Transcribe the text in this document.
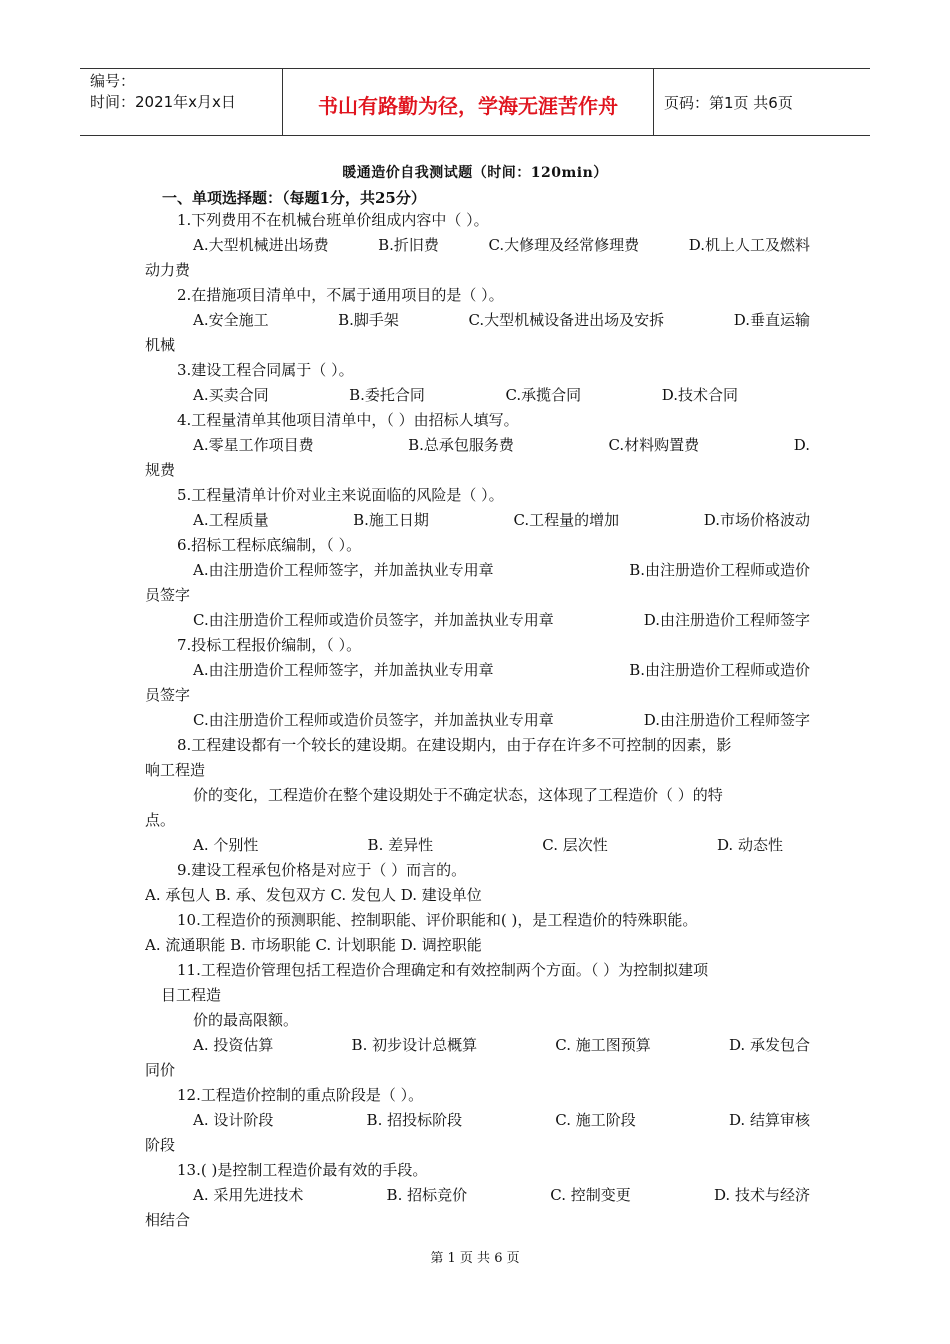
编号：
时间：2021年x月x日	书山有路勤为径，学海无涯苦作舟	页码：第1页 共6页
暖通造价自我测试题（时间：120min）
一、单项选择题：（每题1分，共25分）
1.下列费用不在机械台班单价组成内容中（ ）。
A.大型机械进出场费	B.折旧费	C.大修理及经常修理费	D.机上人工及燃料
动力费
2.在措施项目清单中，不属于通用项目的是（ ）。
A.安全施工	B.脚手架	C.大型机械设备进出场及安拆	D.垂直运输
机械
3.建设工程合同属于（ ）。
A.买卖合同	B.委托合同	C.承揽合同	D.技术合同
4.工程量清单其他项目清单中，（ ）由招标人填写。
A.零星工作项目费	B.总承包服务费	C.材料购置费	D.
规费
5.工程量清单计价对业主来说面临的风险是（ ）。
A.工程质量	B.施工日期	C.工程量的增加	D.市场价格波动
6.招标工程标底编制，（ ）。
A.由注册造价工程师签字，并加盖执业专用章	B.由注册造价工程师或造价
员签字
C.由注册造价工程师或造价员签字，并加盖执业专用章	D.由注册造价工程师签字
7.投标工程报价编制，（ ）。
A.由注册造价工程师签字，并加盖执业专用章	B.由注册造价工程师或造价
员签字
C.由注册造价工程师或造价员签字，并加盖执业专用章	D.由注册造价工程师签字
8.工程建设都有一个较长的建设期。在建设期内，由于存在许多不可控制的因素，影
响工程造
价的变化，工程造价在整个建设期处于不确定状态，这体现了工程造价（ ）的特
点。
A. 个别性	B. 差异性	C. 层次性	D. 动态性
9.建设工程承包价格是对应于（ ）而言的。
A. 承包人 B. 承、发包双方 C. 发包人 D. 建设单位
10.工程造价的预测职能、控制职能、评价职能和( )，是工程造价的特殊职能。
A. 流通职能 B. 市场职能 C. 计划职能 D. 调控职能
11.工程造价管理包括工程造价合理确定和有效控制两个方面。（ ）为控制拟建项
目工程造
价的最高限额。
A. 投资估算	B. 初步设计总概算	C. 施工图预算	D. 承发包合
同价
12.工程造价控制的重点阶段是（ ）。
A. 设计阶段	B. 招投标阶段	C. 施工阶段	D. 结算审核
阶段
13.( )是控制工程造价最有效的手段。
A. 采用先进技术	B. 招标竞价	C. 控制变更	D. 技术与经济
相结合
第 1 页 共 6 页
